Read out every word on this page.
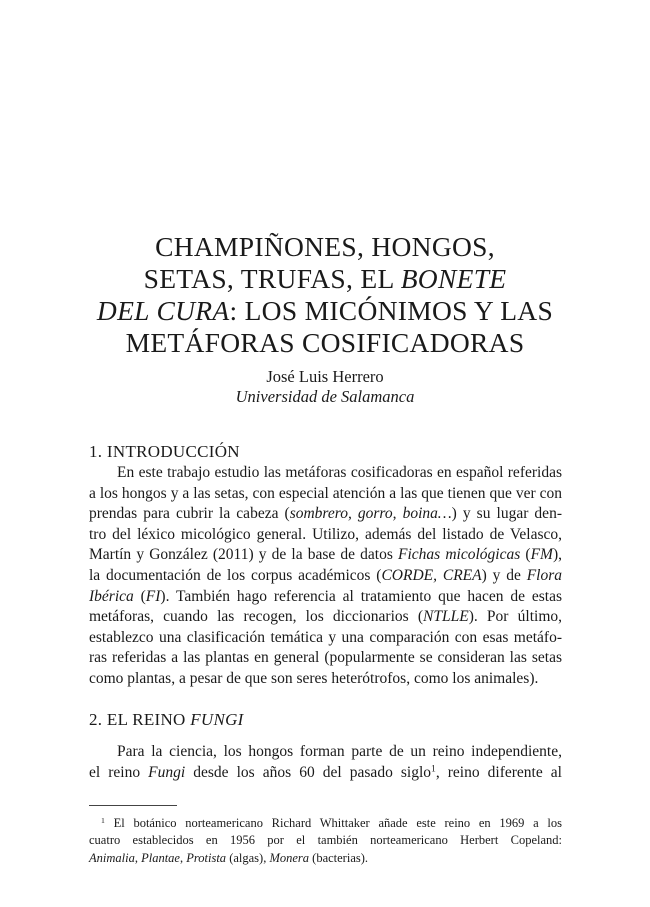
CHAMPIÑONES, HONGOS,
SETAS, TRUFAS, EL BONETE
DEL CURA: LOS MICÓNIMOS Y LAS
METÁFORAS COSIFICADORAS
José Luis Herrero
Universidad de Salamanca
1. INTRODUCCIÓN

En este trabajo estudio las metáforas cosificadoras en español referidas
a los hongos y a las setas, con especial atención a las que tienen que ver con
prendas para cubrir la cabeza (sombrero, gorro, boina…) y su lugar den-
tro del léxico micológico general. Utilizo, además del listado de Velasco,
Martín y González (2011) y de la base de datos Fichas micológicas (FM),
la documentación de los corpus académicos (CORDE, CREA) y de Flora
Ibérica (FI). También hago referencia al tratamiento que hacen de estas
metáforas, cuando las recogen, los diccionarios (NTLLE). Por último,
establezco una clasificación temática y una comparación con esas metáfo-
ras referidas a las plantas en general (popularmente se consideran las setas
como plantas, a pesar de que son seres heterótrofos, como los animales).

2. EL REINO FUNGI

Para la ciencia, los hongos forman parte de un reino independiente,
el reino Fungi desde los años 60 del pasado siglo$^1$, reino diferente al

$^1$ El botánico norteamericano Richard Whittaker añade este reino en 1969 a los
cuatro establecidos en 1956 por el también norteamericano Herbert Copeland:
Animalia, Plantae, Protista (algas), Monera (bacterias).
